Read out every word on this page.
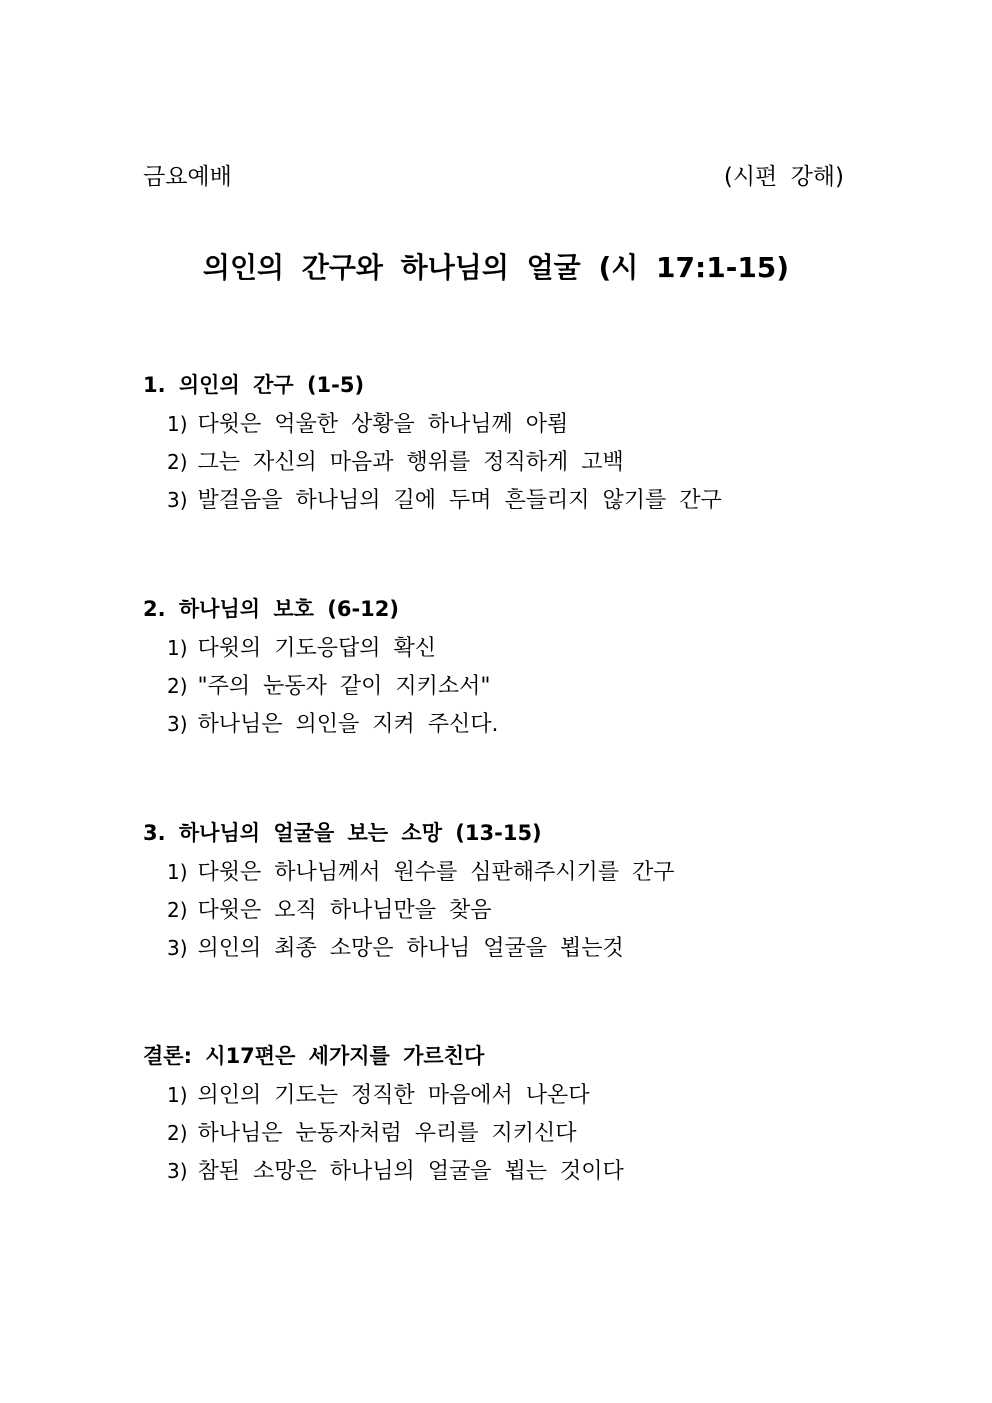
금요예배	(시편 강해)
의인의 간구와 하나님의 얼굴 (시 17:1-15)
1. 의인의 간구 (1-5)
1) 다윗은 억울한 상황을 하나님께 아룀
2) 그는 자신의 마음과 행위를 정직하게 고백
3) 발걸음을 하나님의 길에 두며 흔들리지 않기를 간구
2. 하나님의 보호 (6-12)
1) 다윗의 기도응답의 확신
2) "주의 눈동자 같이 지키소서"
3) 하나님은 의인을 지켜 주신다.
3. 하나님의 얼굴을 보는 소망 (13-15)
1) 다윗은 하나님께서 원수를 심판해주시기를 간구
2) 다윗은 오직 하나님만을 찾음
3) 의인의 최종 소망은 하나님 얼굴을 뵙는것
결론: 시17편은 세가지를 가르친다
1) 의인의 기도는 정직한 마음에서 나온다
2) 하나님은 눈동자처럼 우리를 지키신다
3) 참된 소망은 하나님의 얼굴을 뵙는 것이다
